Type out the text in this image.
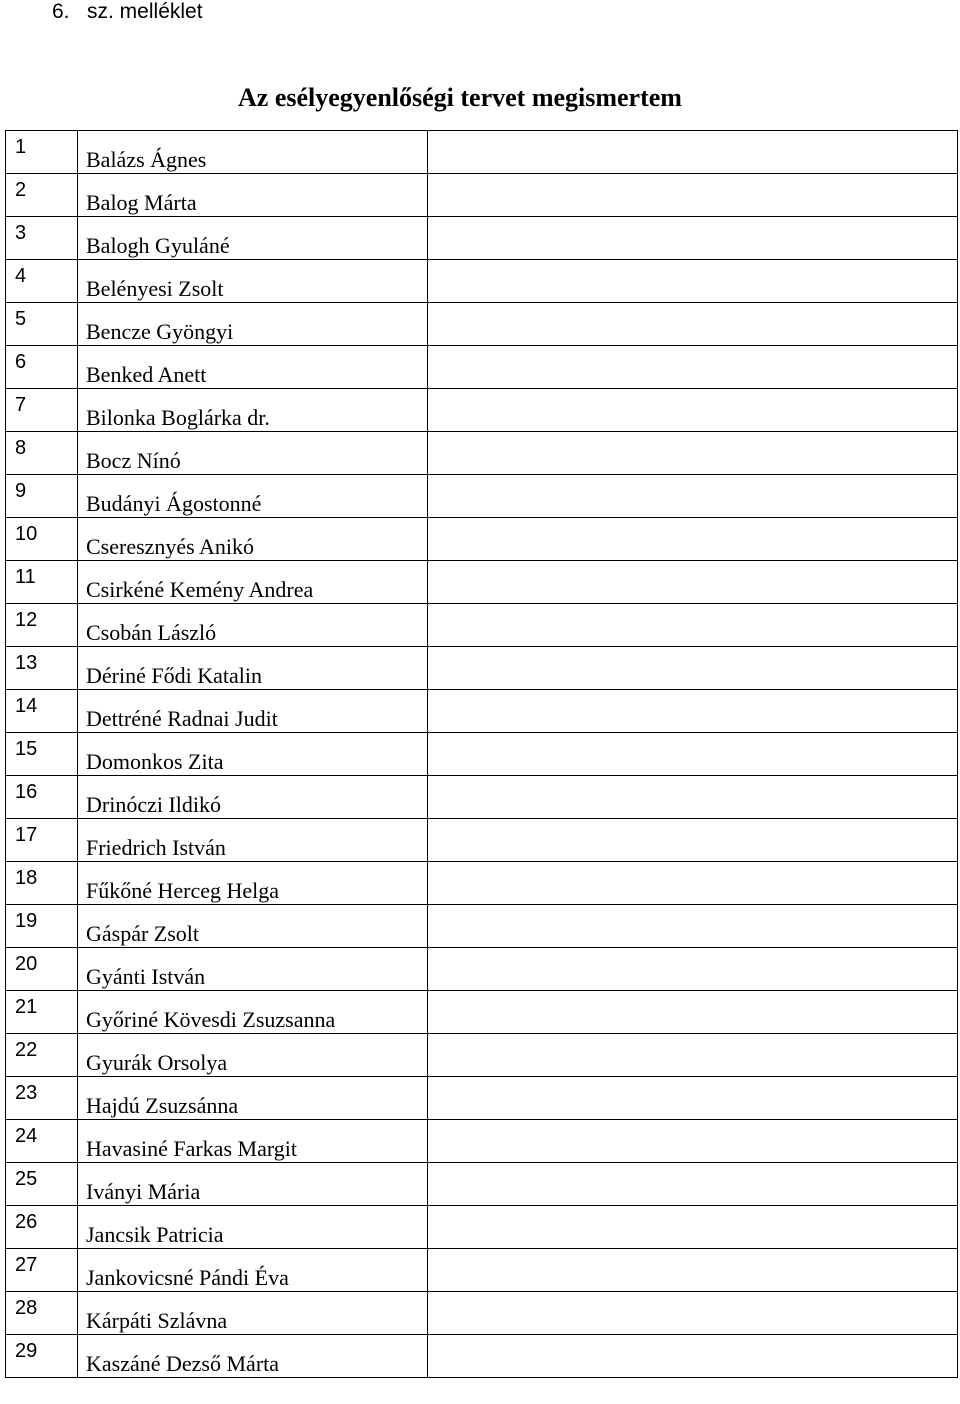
6.   sz. melléklet
Az esélyegyenlőségi tervet megismertem
1	Balázs Ágnes	

2	Balog Márta	

3	Balogh Gyuláné	

4	Belényesi Zsolt	

5	Bencze Gyöngyi	

6	Benked Anett	

7	Bilonka Boglárka dr.	

8	Bocz Nínó	

9	Budányi Ágostonné	

10	Cseresznyés Anikó	

11	Csirkéné Kemény Andrea	

12	Csobán László	

13	Dériné Fődi Katalin	

14	Dettréné Radnai Judit	

15	Domonkos Zita	

16	Drinóczi Ildikó	

17	Friedrich István	

18	Fűkőné Herceg Helga	

19	Gáspár Zsolt	

20	Gyánti István	

21	Győriné Kövesdi Zsuzsanna	

22	Gyurák Orsolya	

23	Hajdú Zsuzsánna	

24	Havasiné Farkas Margit	

25	Iványi Mária	

26	Jancsik Patricia	

27	Jankovicsné Pándi Éva	

28	Kárpáti Szlávna	

29	Kaszáné Dezső Márta	
